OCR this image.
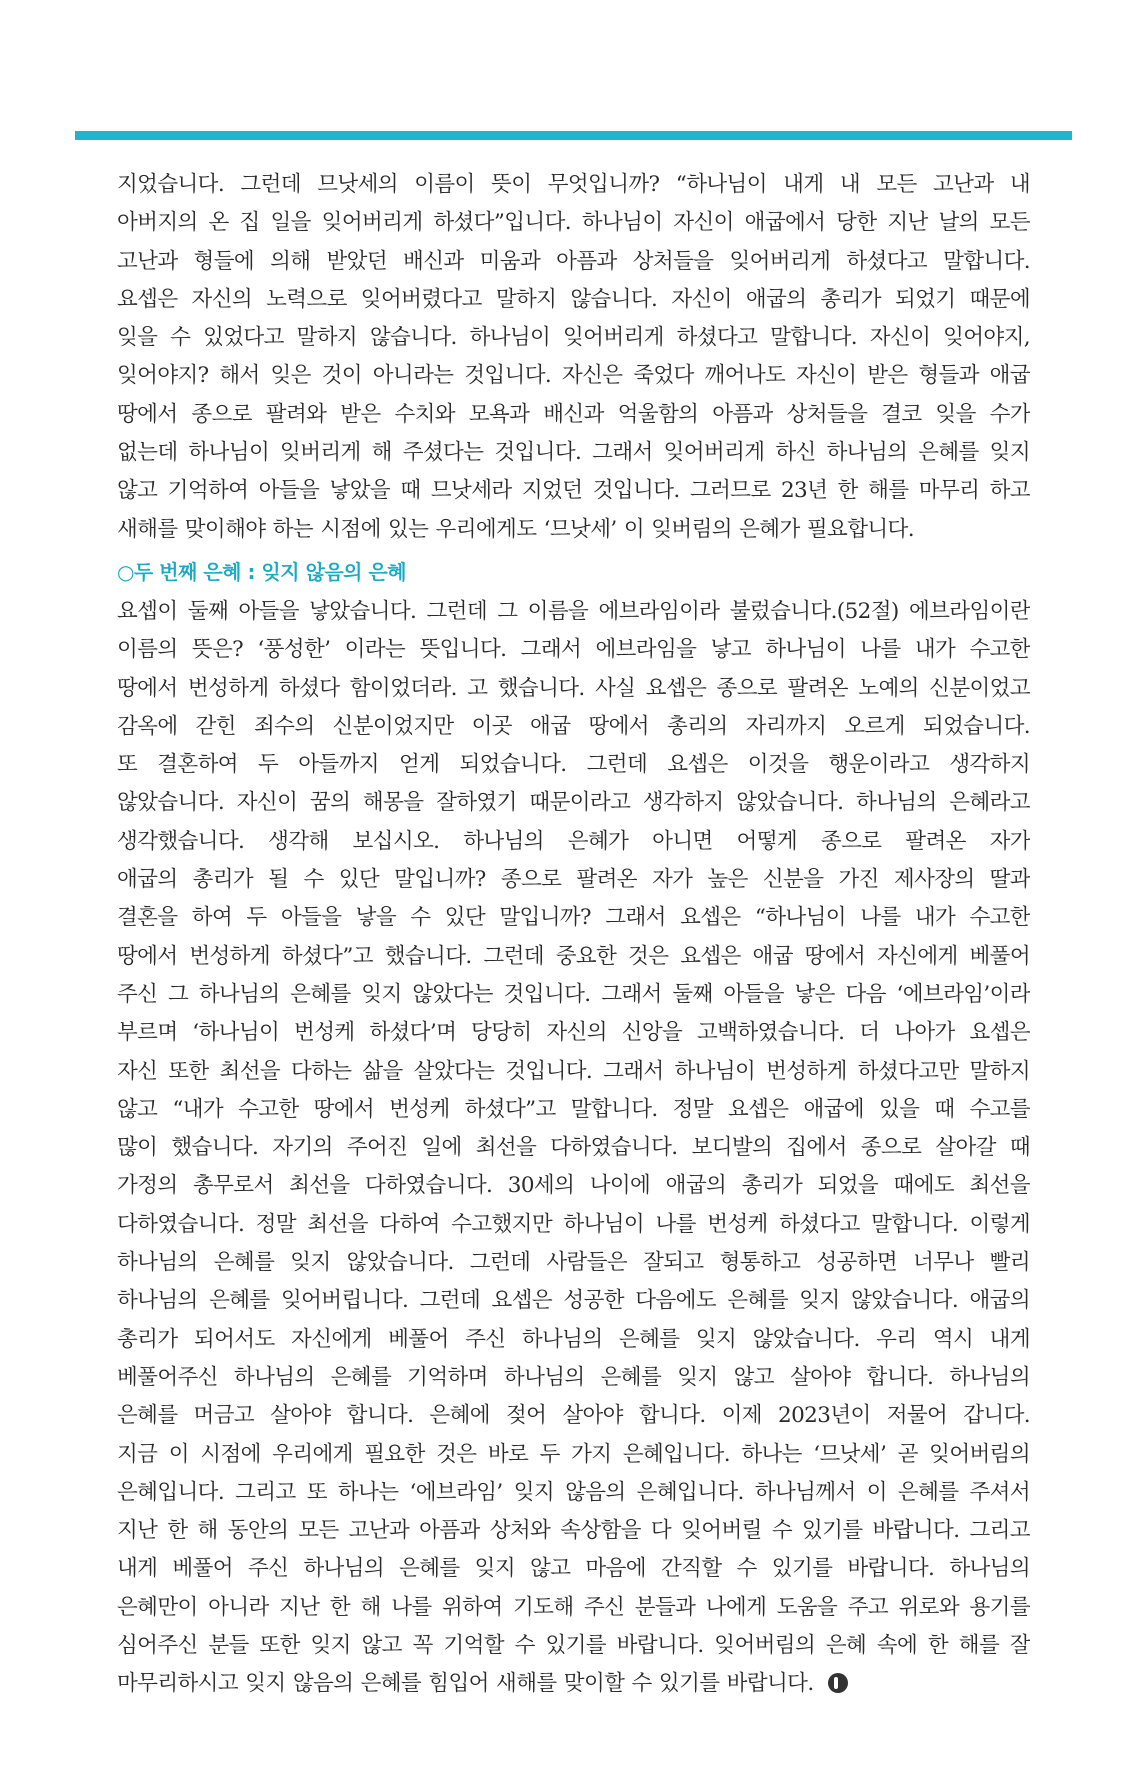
지었습니다. 그런데 므낫세의 이름이 뜻이 무엇입니까? “하나님이 내게 내 모든 고난과 내
아버지의 온 집 일을 잊어버리게 하셨다”입니다. 하나님이 자신이 애굽에서 당한 지난 날의 모든
고난과 형들에 의해 받았던 배신과 미움과 아픔과 상처들을 잊어버리게 하셨다고 말합니다.
요셉은 자신의 노력으로 잊어버렸다고 말하지 않습니다. 자신이 애굽의 총리가 되었기 때문에
잊을 수 있었다고 말하지 않습니다. 하나님이 잊어버리게 하셨다고 말합니다. 자신이 잊어야지,
잊어야지? 해서 잊은 것이 아니라는 것입니다. 자신은 죽었다 깨어나도 자신이 받은 형들과 애굽
땅에서 종으로 팔려와 받은 수치와 모욕과 배신과 억울함의 아픔과 상처들을 결코 잊을 수가
없는데 하나님이 잊버리게 해 주셨다는 것입니다. 그래서 잊어버리게 하신 하나님의 은혜를 잊지
않고 기억하여 아들을 낳았을 때 므낫세라 지었던 것입니다. 그러므로 23년 한 해를 마무리 하고
새해를 맞이해야 하는 시점에 있는 우리에게도 ‘므낫세’ 이 잊버림의 은혜가 필요합니다.
○두 번째 은혜 : 잊지 않음의 은혜
요셉이 둘째 아들을 낳았습니다. 그런데 그 이름을 에브라임이라 불렀습니다.(52절) 에브라임이란
이름의 뜻은? ‘풍성한’ 이라는 뜻입니다. 그래서 에브라임을 낳고 하나님이 나를 내가 수고한
땅에서 번성하게 하셨다 함이었더라. 고 했습니다. 사실 요셉은 종으로 팔려온 노예의 신분이었고
감옥에 갇힌 죄수의 신분이었지만 이곳 애굽 땅에서 총리의 자리까지 오르게 되었습니다.
또 결혼하여 두 아들까지 얻게 되었습니다. 그런데 요셉은 이것을 행운이라고 생각하지
않았습니다. 자신이 꿈의 해몽을 잘하였기 때문이라고 생각하지 않았습니다. 하나님의 은혜라고
생각했습니다. 생각해 보십시오. 하나님의 은혜가 아니면 어떻게 종으로 팔려온 자가
애굽의 총리가 될 수 있단 말입니까? 종으로 팔려온 자가 높은 신분을 가진 제사장의 딸과
결혼을 하여 두 아들을 낳을 수 있단 말입니까? 그래서 요셉은 “하나님이 나를 내가 수고한
땅에서 번성하게 하셨다”고 했습니다. 그런데 중요한 것은 요셉은 애굽 땅에서 자신에게 베풀어
주신 그 하나님의 은혜를 잊지 않았다는 것입니다. 그래서 둘째 아들을 낳은 다음 ‘에브라임’이라
부르며 ‘하나님이 번성케 하셨다’며 당당히 자신의 신앙을 고백하였습니다. 더 나아가 요셉은
자신 또한 최선을 다하는 삶을 살았다는 것입니다. 그래서 하나님이 번성하게 하셨다고만 말하지
않고 “내가 수고한 땅에서 번성케 하셨다”고 말합니다. 정말 요셉은 애굽에 있을 때 수고를
많이 했습니다. 자기의 주어진 일에 최선을 다하였습니다. 보디발의 집에서 종으로 살아갈 때
가정의 총무로서 최선을 다하였습니다. 30세의 나이에 애굽의 총리가 되었을 때에도 최선을
다하였습니다. 정말 최선을 다하여 수고했지만 하나님이 나를 번성케 하셨다고 말합니다. 이렇게
하나님의 은혜를 잊지 않았습니다. 그런데 사람들은 잘되고 형통하고 성공하면 너무나 빨리
하나님의 은혜를 잊어버립니다. 그런데 요셉은 성공한 다음에도 은혜를 잊지 않았습니다. 애굽의
총리가 되어서도 자신에게 베풀어 주신 하나님의 은혜를 잊지 않았습니다. 우리 역시 내게
베풀어주신 하나님의 은혜를 기억하며 하나님의 은혜를 잊지 않고 살아야 합니다. 하나님의
은혜를 머금고 살아야 합니다. 은혜에 젖어 살아야 합니다. 이제 2023년이 저물어 갑니다.
지금 이 시점에 우리에게 필요한 것은 바로 두 가지 은혜입니다. 하나는 ‘므낫세’ 곧 잊어버림의
은혜입니다. 그리고 또 하나는 ‘에브라임’ 잊지 않음의 은혜입니다. 하나님께서 이 은혜를 주셔서
지난 한 해 동안의 모든 고난과 아픔과 상처와 속상함을 다 잊어버릴 수 있기를 바랍니다. 그리고
내게 베풀어 주신 하나님의 은혜를 잊지 않고 마음에 간직할 수 있기를 바랍니다. 하나님의
은혜만이 아니라 지난 한 해 나를 위하여 기도해 주신 분들과 나에게 도움을 주고 위로와 용기를
심어주신 분들 또한 잊지 않고 꼭 기억할 수 있기를 바랍니다. 잊어버림의 은혜 속에 한 해를 잘
마무리하시고 잊지 않음의 은혜를 힘입어 새해를 맞이할 수 있기를 바랍니다.
